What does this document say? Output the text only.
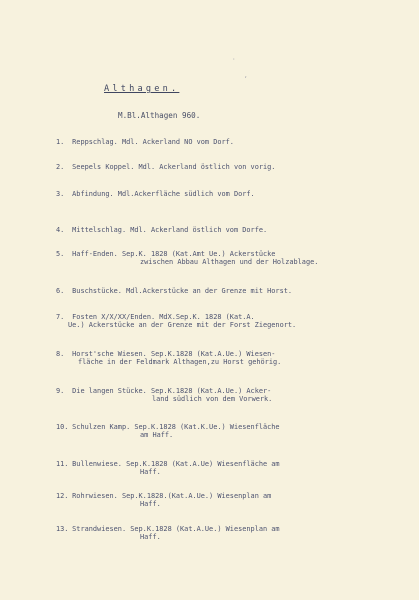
·
,
Althagen.
M.Bl.Althagen 960.
1. Reppschlag. Mdl. Ackerland NO vom Dorf.
2. Seepels Koppel. Mdl. Ackerland östlich von vorig.
3. Abfindung. Mdl.Ackerfläche südlich vom Dorf.
4. Mittelschlag. Mdl. Ackerland östlich vom Dorfe.
5. Haff-Enden. Sep.K. 1828 (Kat.Amt Ue.) Ackerstücke
zwischen Abbau Althagen und der Holzablage.
6. Buschstücke. Mdl.Ackerstücke an der Grenze mit Horst.
7. Fosten X/X/XX/Enden. MdX.Sep.K. 1828 (Kat.A.
Ue.) Ackerstücke an der Grenze mit der Forst Ziegenort.
8. Horst'sche Wiesen. Sep.K.1828 (Kat.A.Ue.) Wiesen-
fläche in der Feldmark Althagen,zu Horst gehörig.
9. Die langen Stücke. Sep.K.1828 (Kat.A.Ue.) Acker-
land südlich von dem Vorwerk.
10. Schulzen Kamp. Sep.K.1828 (Kat.K.Ue.) Wiesenfläche
am Haff.
11. Bullenwiese. Sep.K.1828 (Kat.A.Ue) Wiesenfläche am
Haff.
12. Rohrwiesen. Sep.K.1828.(Kat.A.Ue.) Wiesenplan am
Haff.
13. Strandwiesen. Sep.K.1828 (Kat.A.Ue.) Wiesenplan am
Haff.
